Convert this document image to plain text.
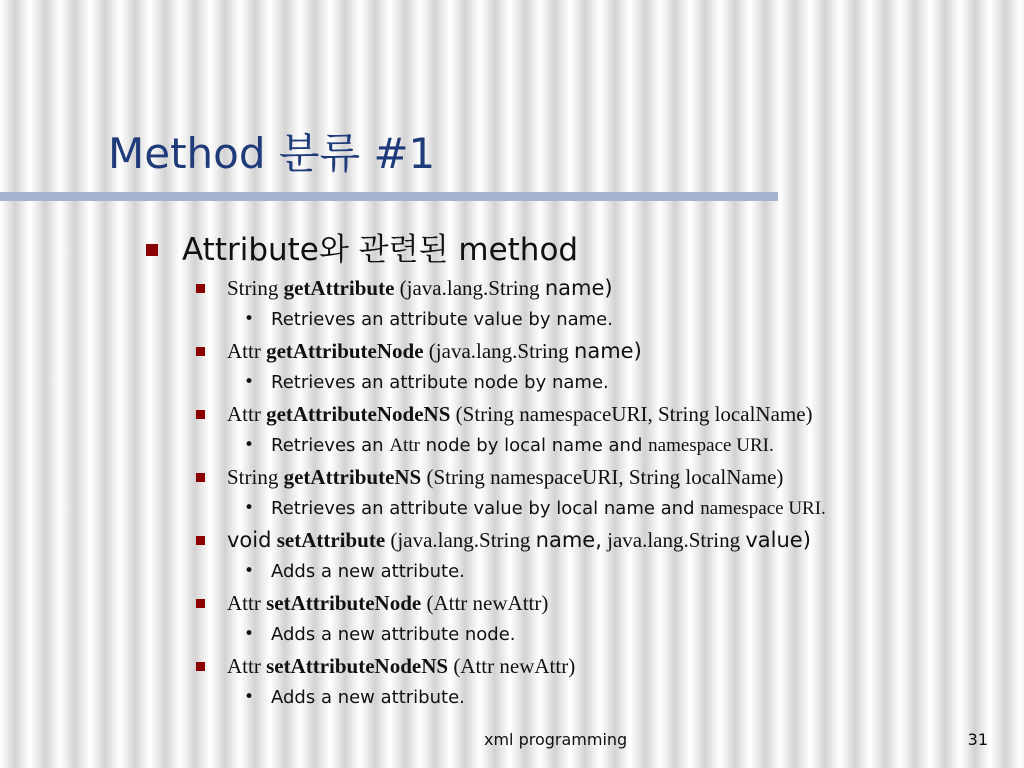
Method 분류 #1
Attribute와 관련된 method
String getAttribute (java.lang.String name)
• Retrieves an attribute value by name.
Attr getAttributeNode (java.lang.String name)
• Retrieves an attribute node by name.
Attr getAttributeNodeNS (String namespaceURI, String localName)
• Retrieves an Attr node by local name and namespace URI.
String getAttributeNS (String namespaceURI, String localName)
• Retrieves an attribute value by local name and namespace URI.
void setAttribute (java.lang.String name, java.lang.String value)
• Adds a new attribute.
Attr setAttributeNode (Attr newAttr)
• Adds a new attribute node.
Attr setAttributeNodeNS (Attr newAttr)
• Adds a new attribute.
xml programming	31
